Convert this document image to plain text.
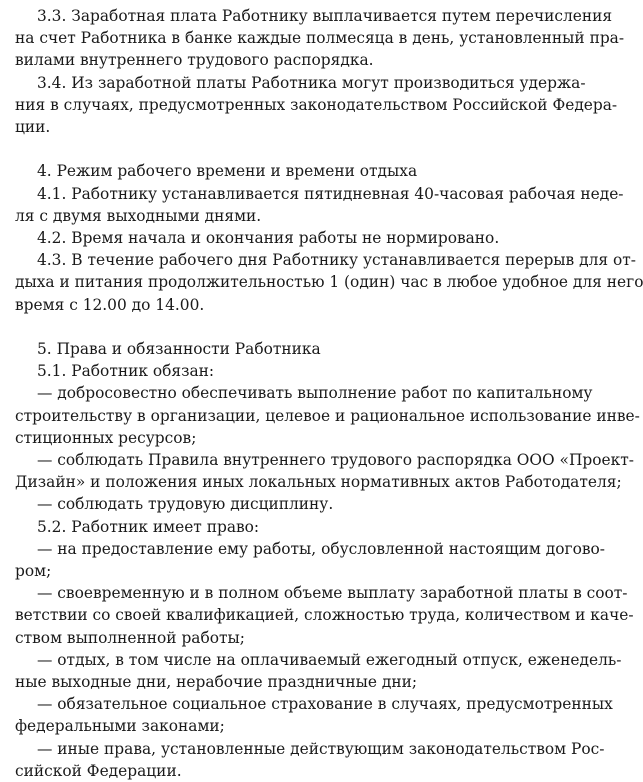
3.3. Заработная плата Работнику выплачивается путем перечисления
на счет Работника в банке каждые полмесяца в день, установленный пра-
вилами внутреннего трудового распорядка.
3.4. Из заработной платы Работника могут производиться удержа-
ния в случаях, предусмотренных законодательством Российской Федера-
ции.
4. Режим рабочего времени и времени отдыха
4.1. Работнику устанавливается пятидневная 40-часовая рабочая неде-
ля с двумя выходными днями.
4.2. Время начала и окончания работы не нормировано.
4.3. В течение рабочего дня Работнику устанавливается перерыв для от-
дыха и питания продолжительностью 1 (один) час в любое удобное для него
время с 12.00 до 14.00.
5. Права и обязанности Работника
5.1. Работник обязан:
— добросовестно обеспечивать выполнение работ по капитальному
строительству в организации, целевое и рациональное использование инве-
стиционных ресурсов;
— соблюдать Правила внутреннего трудового распорядка ООО «Проект-
Дизайн» и положения иных локальных нормативных актов Работодателя;
— соблюдать трудовую дисциплину.
5.2. Работник имеет право:
— на предоставление ему работы, обусловленной настоящим догово-
ром;
— своевременную и в полном объеме выплату заработной платы в соот-
ветствии со своей квалификацией, сложностью труда, количеством и каче-
ством выполненной работы;
— отдых, в том числе на оплачиваемый ежегодный отпуск, еженедель-
ные выходные дни, нерабочие праздничные дни;
— обязательное социальное страхование в случаях, предусмотренных
федеральными законами;
— иные права, установленные действующим законодательством Рос-
сийской Федерации.
